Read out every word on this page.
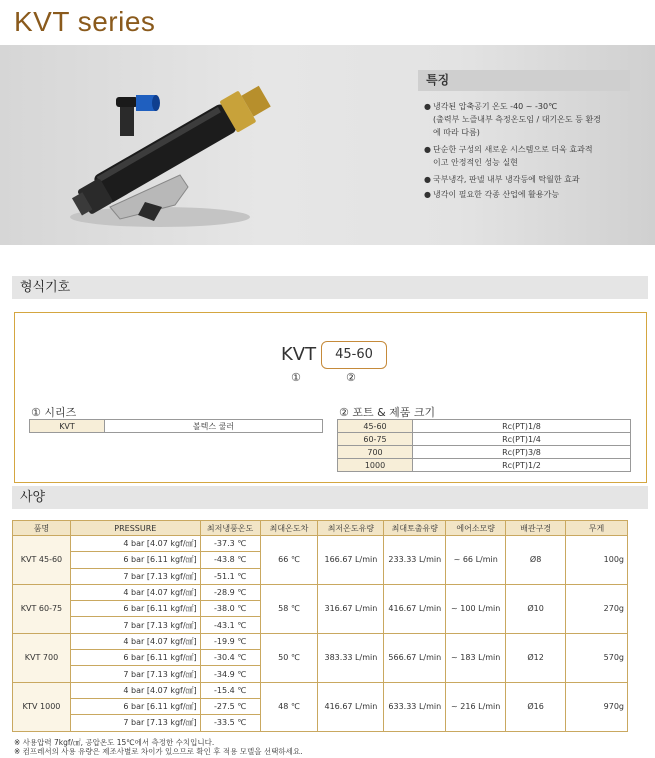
KVT series
특징
● 냉각된 압축공기 온도 -40 ~ -30℃
(출력부 노즐내부 측정온도임 / 대기온도 등 환경
에 따라 다름)
● 단순한 구성의 새로운 시스템으로 더욱 효과적
이고 안정적인 성능 실현
● 국부냉각, 판넬 내부 냉각등에 탁월한 효과
● 냉각이 필요한 각종 산업에 활용가능
형식기호
KVT	45-60
①	②
① 시리즈
KVT	볼텍스 쿨러
② 포트 & 제품 크기
45-60	Rc(PT)1/8
60-75	Rc(PT)1/4
700	Rc(PT)3/8
1000	Rc(PT)1/2
사양
품명	PRESSURE	최저냉풍온도	최대온도차	최저온도유량	최대토출유량	에어소모량	배관구경	무게
KVT 45-60	4 bar [4.07 kgf/㎠]	-37.3 ℃	66 ℃	166.67 L/min	233.33 L/min	~ 66 L/min	Ø8	100g
	6 bar [6.11 kgf/㎠]	-43.8 ℃						
	7 bar [7.13 kgf/㎠]	-51.1 ℃						
KVT 60-75	4 bar [4.07 kgf/㎠]	-28.9 ℃	58 ℃	316.67 L/min	416.67 L/min	~ 100 L/min	Ø10	270g
	6 bar [6.11 kgf/㎠]	-38.0 ℃						
	7 bar [7.13 kgf/㎠]	-43.1 ℃						
KVT 700	4 bar [4.07 kgf/㎠]	-19.9 ℃	50 ℃	383.33 L/min	566.67 L/min	~ 183 L/min	Ø12	570g
	6 bar [6.11 kgf/㎠]	-30.4 ℃						
	7 bar [7.13 kgf/㎠]	-34.9 ℃						
KTV 1000	4 bar [4.07 kgf/㎠]	-15.4 ℃	48 ℃	416.67 L/min	633.33 L/min	~ 216 L/min	Ø16	970g
	6 bar [6.11 kgf/㎠]	-27.5 ℃						
	7 bar [7.13 kgf/㎠]	-33.5 ℃						
※ 사용압력 7kgf/㎠, 공압온도 15℃에서 측정한 수치입니다.
※ 컴프레서의 사용 유량은 제조사별로 차이가 있으므로 확인 후 적용 모델을 선택하세요.
